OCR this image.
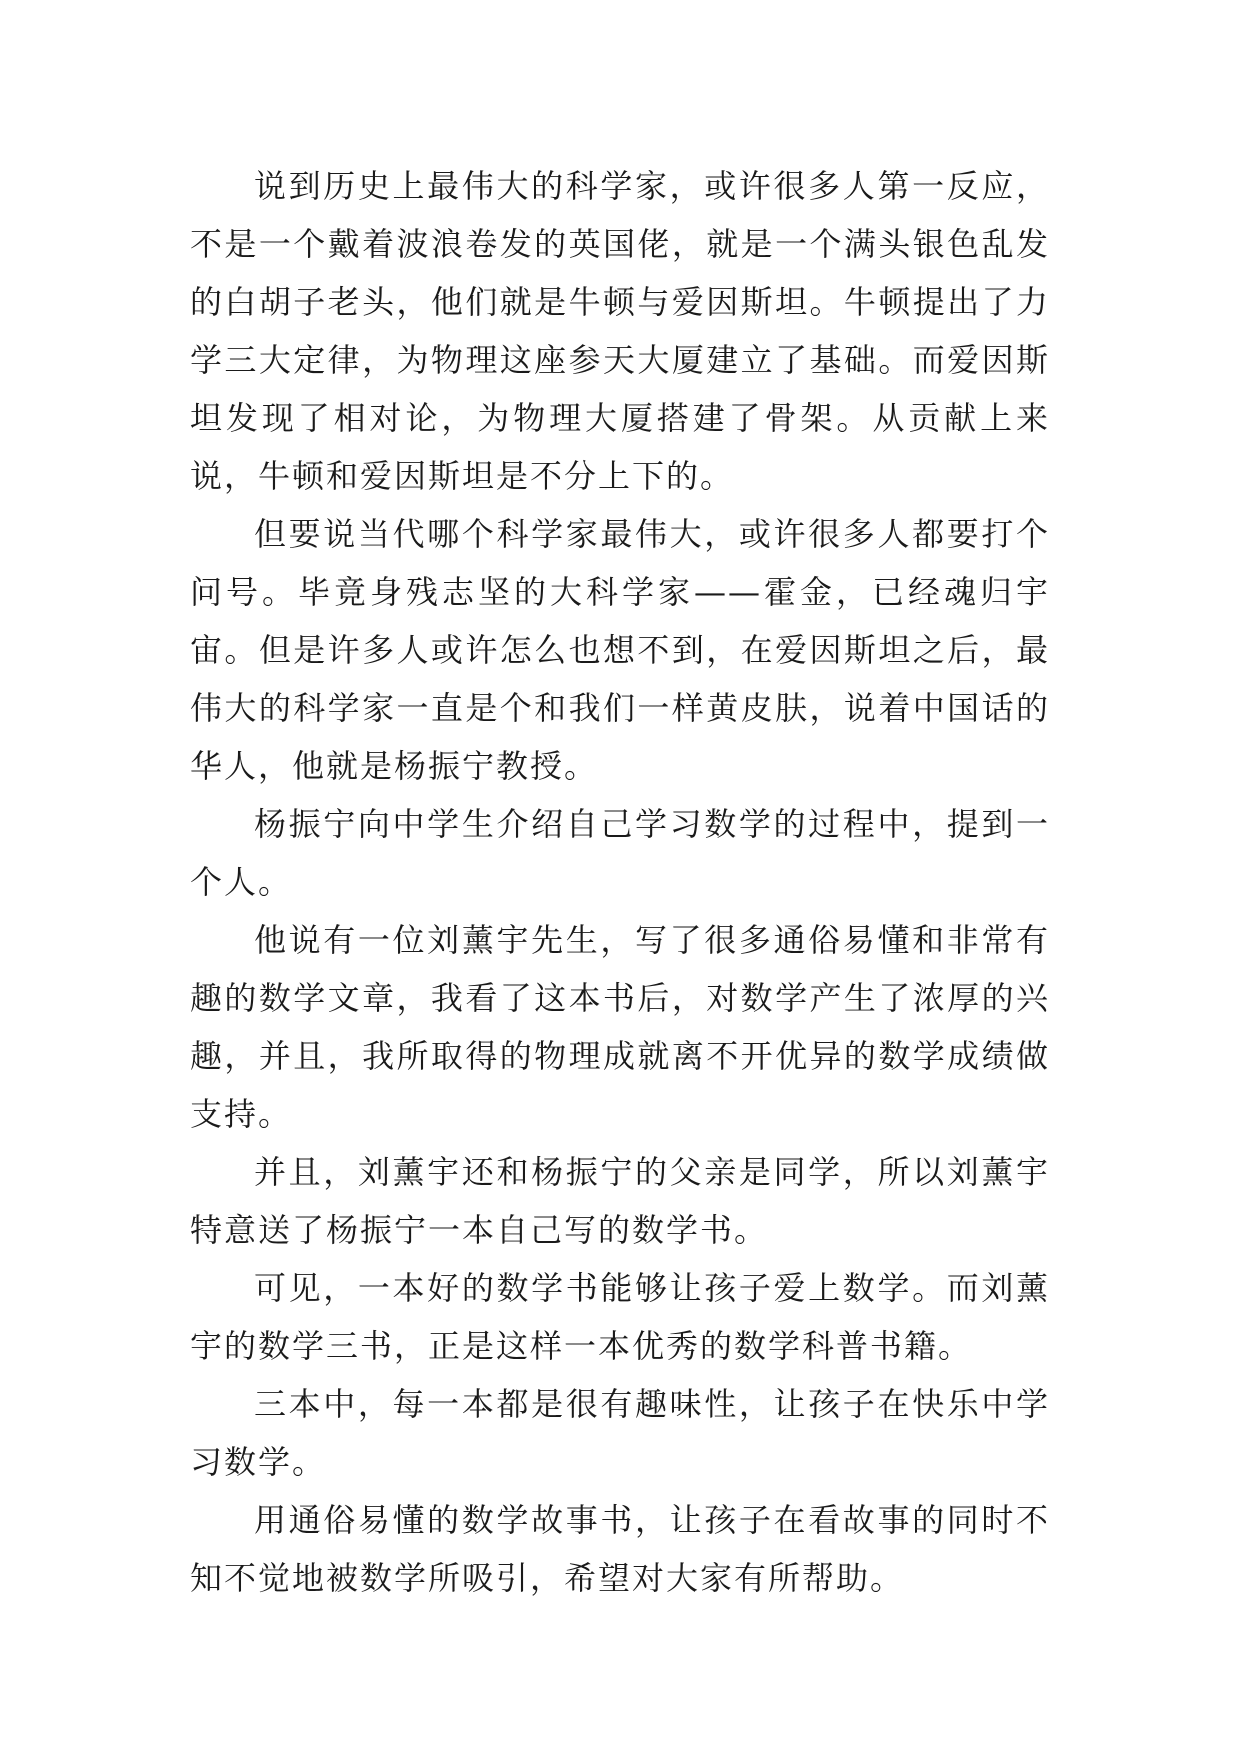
说到历史上最伟大的科学家，或许很多人第一反应，不是一个戴着波浪卷发的英国佬，就是一个满头银色乱发的白胡子老头，他们就是牛顿与爱因斯坦。牛顿提出了力学三大定律，为物理这座参天大厦建立了基础。而爱因斯坦发现了相对论，为物理大厦搭建了骨架。从贡献上来说，牛顿和爱因斯坦是不分上下的。

但要说当代哪个科学家最伟大，或许很多人都要打个问号。毕竟身残志坚的大科学家——霍金，已经魂归宇宙。但是许多人或许怎么也想不到，在爱因斯坦之后，最伟大的科学家一直是个和我们一样黄皮肤，说着中国话的华人，他就是杨振宁教授。

杨振宁向中学生介绍自己学习数学的过程中，提到一个人。

他说有一位刘薰宇先生，写了很多通俗易懂和非常有趣的数学文章，我看了这本书后，对数学产生了浓厚的兴趣，并且，我所取得的物理成就离不开优异的数学成绩做支持。

并且，刘薰宇还和杨振宁的父亲是同学，所以刘薰宇特意送了杨振宁一本自己写的数学书。

可见，一本好的数学书能够让孩子爱上数学。而刘薰宇的数学三书，正是这样一本优秀的数学科普书籍。

三本中，每一本都是很有趣味性，让孩子在快乐中学习数学。

用通俗易懂的数学故事书，让孩子在看故事的同时不知不觉地被数学所吸引，希望对大家有所帮助。
